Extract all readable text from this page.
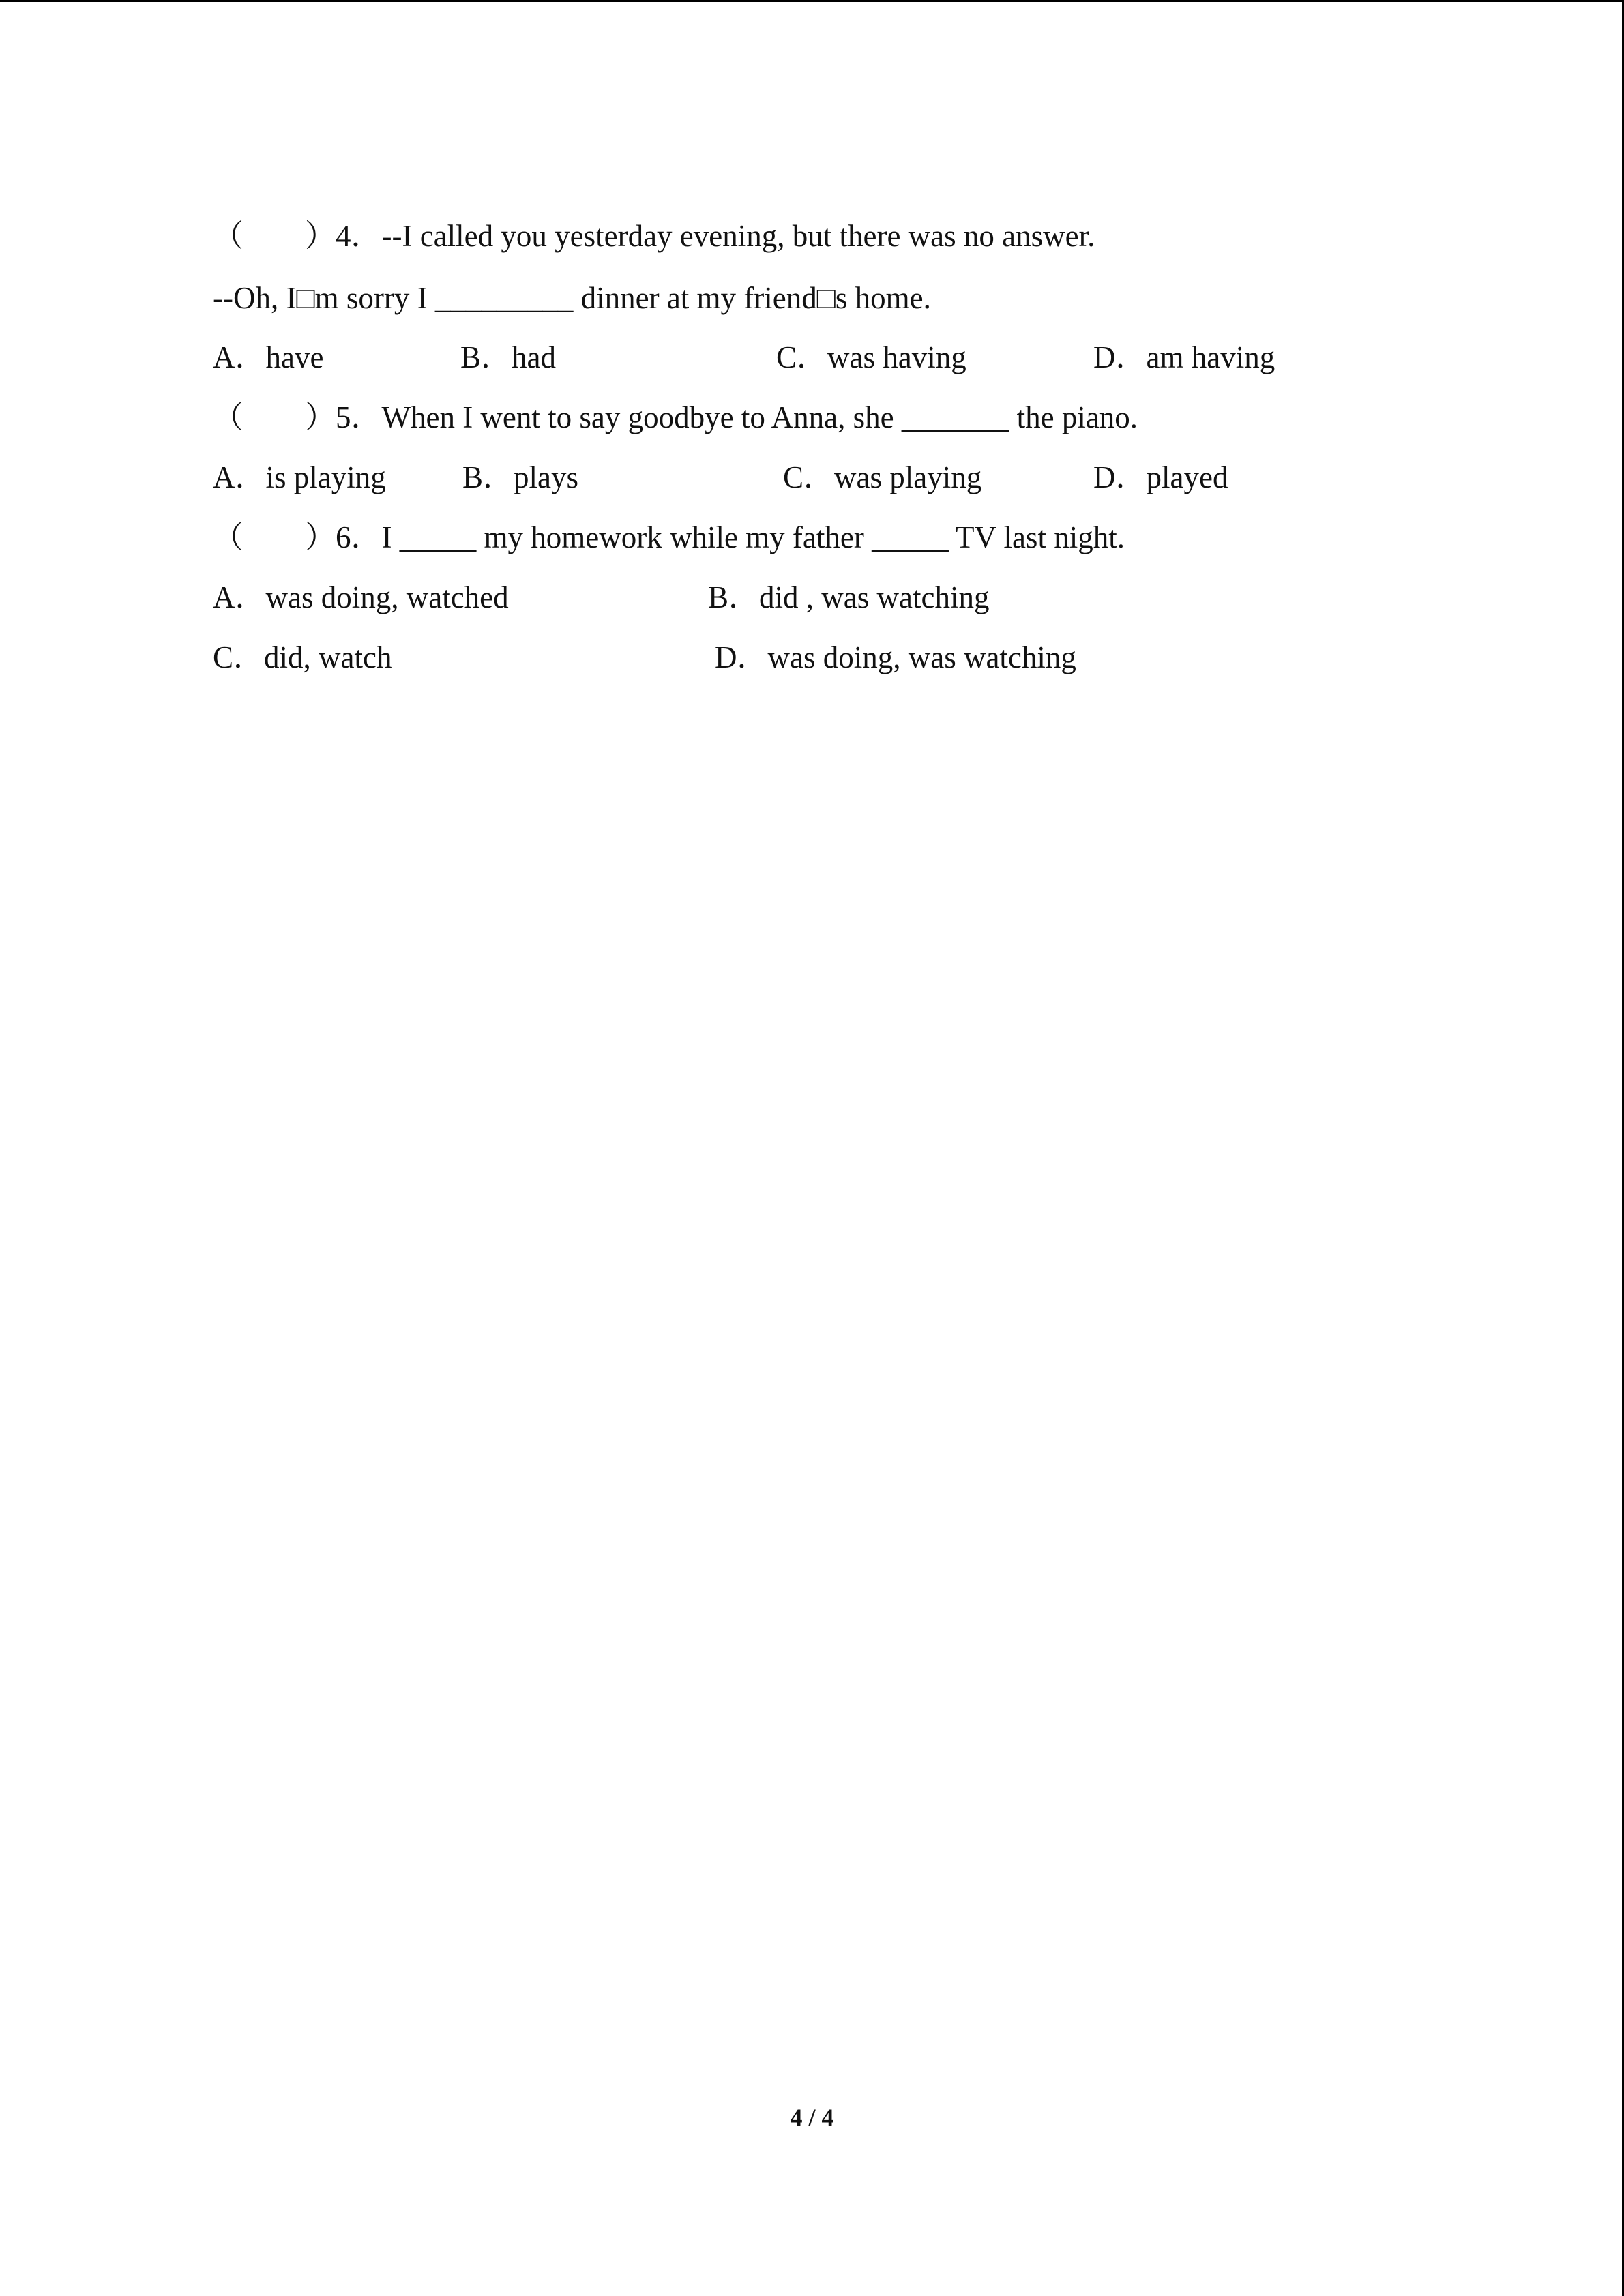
（　　）4．--I called you yesterday evening, but there was no answer.
--Oh, I□m sorry I _________ dinner at my friend□s home.

A．have

	B．had

	C．was having

	D．am having

（　　）5．When I went to say goodbye to Anna, she _______ the piano.

A．is playing

B．plays

	C．was playing

	D．played

（　　）6．I _____ my homework while my father _____ TV last night.

A．was doing, watched

	B．did , was watching

C．did, watch

	D．was doing, was watching

4 / 4
